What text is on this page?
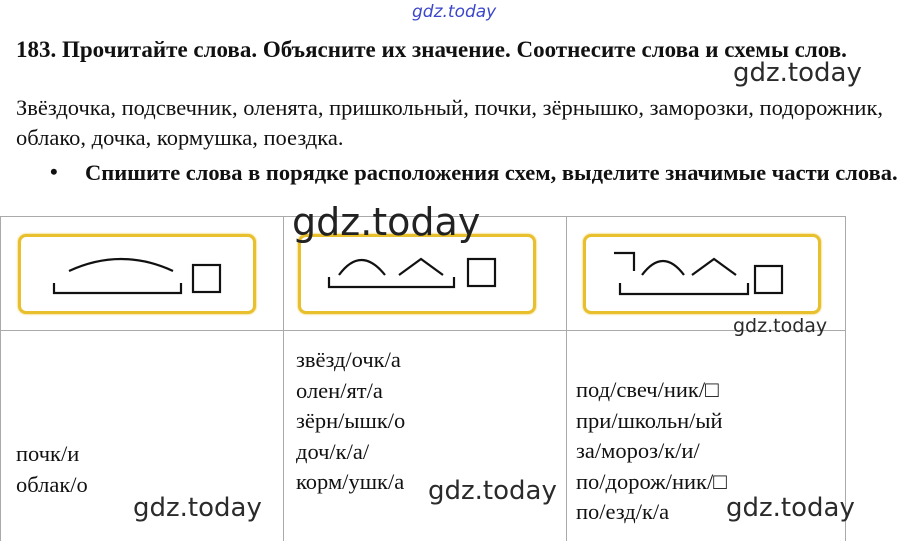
gdz.today
183. Прочитайте слова. Объясните их значение. Соотнесите слова и схемы слов.
Звёздочка, подсвечник, оленята, пришкольный, почки, зёрнышко, заморозки, подорожник, облако, дочка, кормушка, поездка.
• Спишите слова в порядке расположения схем, выделите значимые части слова.
почк/и
облак/о
звёзд/очк/а
олен/ят/а
зёрн/ышк/о
доч/к/а/
корм/ушк/а
под/свеч/ник/□
при/школьн/ый
за/мороз/к/и/
по/дорож/ник/□
по/езд/к/а
gdz.today
gdz.today
gdz.today
gdz.today
gdz.today
gdz.today
